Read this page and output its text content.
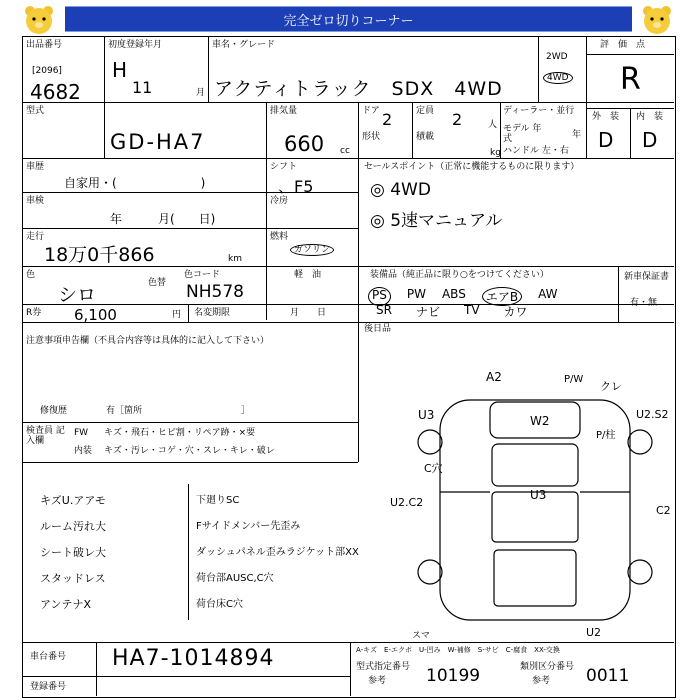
完全ゼロ切りコーナー
出品番号
[2096]
4682
初度登録年月
H
11	月
車名・グレード
アクティトラック　SDX　4WD
2WD
4WD
評　価　点
R
外　装 内　装
D D
型式
GD-HA7
排気量
660 cc
ドア 2	定員 2	人
形状	積載
kg
ディーラー・並行
モデル 年式	年
ハンドル 左・右
車歴
自家用・(　　　　　　　)
車検
年　　　月(　　日)
走行
18万0千866	km
色
シロ
色替
色コード
NH578
R券 6,100	円 名変期限	月　　日
注意事項申告欄（不具合内容等は具体的に記入して下さい）
修復歴	有［箇所　　　　　　　　　　　］
検査員 記入欄
FW キズ・飛石・ヒビ割・リペア跡・×要
内装 キズ・汚レ・コゲ・穴・スレ・キレ・破レ
シフト
、F5
冷房
燃料
ガソリン
軽　油
セールスポイント（正常に機能するものに限ります）
◎ 4WD
◎ 5速マニュアル
装備品（純正品に限り○をつけてください）
PS	PW ABS	エアB	AW
SR ナビ TV カワ
新車保証書
有・無
後日品
キズU.アアモ
ルーム汚れ大
シート破レ大
スタッドレス
アンテナX
下廻りSC
Fサイドメンバー先歪み
ダッシュパネル歪みラジケット部XX
荷台部AUSC,C穴
荷台床C穴
A2	P/W
クレ
U3	W2	U2.S2
P/柱
C穴
U2.C2
U3
C2
U2
スマ
車台番号 HA7-1014894
登録番号
A-キズ　E-エクボ　U-凹み　W-補修　S-サビ　C-腐食　XX-交換
型式指定番号
参考 10199	類別区分番号
参考 0011
